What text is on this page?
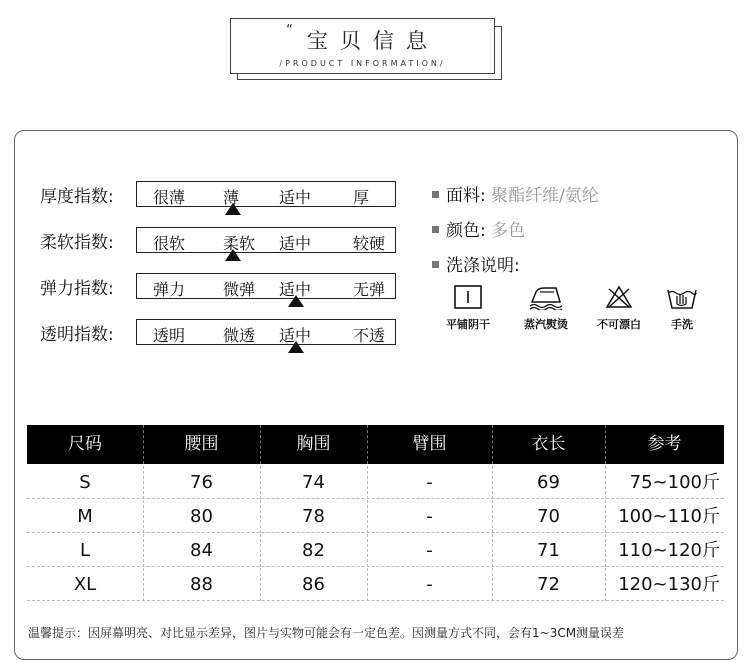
“ 宝贝信息
/PRODUCT INFORMATION/
厚度指数: 很薄 薄 适中	厚
柔软指数: 很软 柔软 适中	较硬
弹力指数: 弹力 微弹 适中	无弹
透明指数: 透明 微透 适中	不透
面料: 聚酯纤维/氨纶
颜色: 多色
洗涤说明:
平铺阴干	蒸汽熨烫	不可漂白	手洗
尺码	腰围	胸围	臂围	衣长	参考
S	76	74	-	69	75~100斤
M	80	78	-	70	100~110斤
L	84	82	-	71	110~120斤
XL	88	86	-	72	120~130斤
温馨提示：因屏幕明亮、对比显示差异，图片与实物可能会有一定色差。因测量方式不同，会有1~3CM测量误差
